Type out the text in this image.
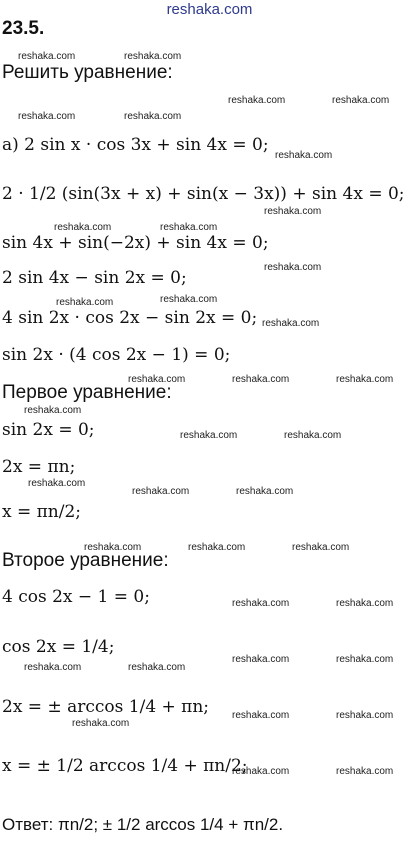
reshaka.com
23.5.
reshaka.com	reshaka.com
reshaka.com	reshaka.com
reshaka.com	reshaka.com
reshaka.com
reshaka.com
reshaka.com	reshaka.com
reshaka.com
reshaka.com	reshaka.com
reshaka.com
reshaka.com	reshaka.com	reshaka.com
reshaka.com
reshaka.com	reshaka.com
reshaka.com
reshaka.com	reshaka.com
reshaka.com	reshaka.com	reshaka.com
reshaka.com	reshaka.com
reshaka.com	reshaka.com
reshaka.com	reshaka.com
reshaka.com	reshaka.com
reshaka.com
reshaka.com	reshaka.com
Решить уравнение:
Первое уравнение:
Второе уравнение:
а) 2 sin x · cos 3x + sin 4x = 0;
2 · 1/2 (sin(3x + x) + sin(x − 3x)) + sin 4x = 0;
sin 4x + sin(−2x) + sin 4x = 0;
2 sin 4x − sin 2x = 0;
4 sin 2x · cos 2x − sin 2x = 0;
sin 2x · (4 cos 2x − 1) = 0;
sin 2x = 0;
2x = πn;
x = πn/2;
4 cos 2x − 1 = 0;
cos 2x = 1/4;
2x = ± arccos 1/4 + πn;
x = ± 1/2 arccos 1/4 + πn/2;
Ответ: πn/2; ± 1/2 arccos 1/4 + πn/2.
